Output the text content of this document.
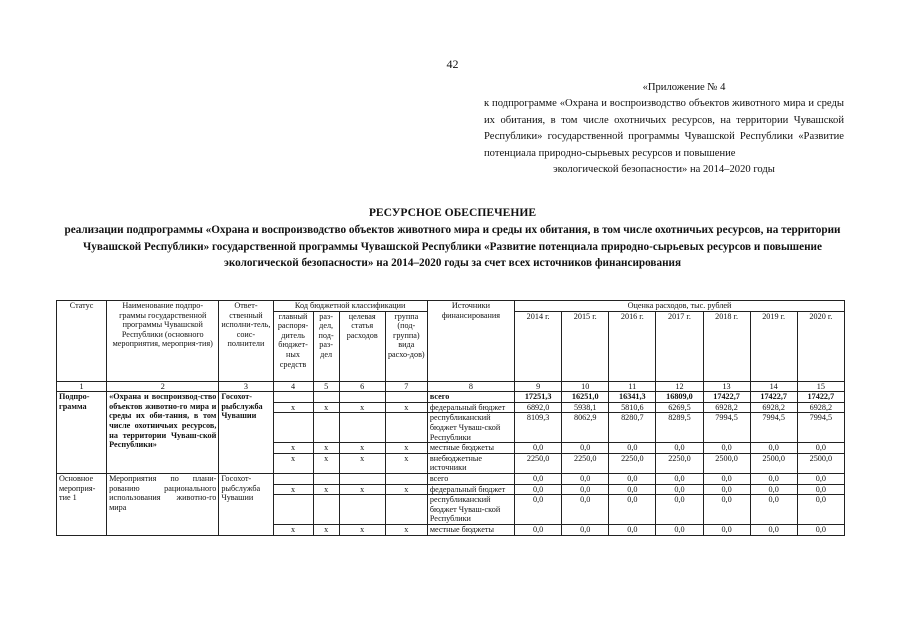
42
«Приложение № 4
к подпрограмме «Охрана и воспроизводство объектов животного мира и среды их обитания, в том числе охотничьих ресурсов, на территории Чувашской Республики» государственной программы Чувашской Республики «Развитие потенциала природно-сырьевых ресурсов и повышение
экологической безопасности» на 2014–2020 годы
РЕСУРСНОЕ ОБЕСПЕЧЕНИЕ
реализации подпрограммы «Охрана и воспроизводство объектов животного мира и среды их обитания, в том числе охотничьих ресурсов, на территории Чувашской Республики» государственной программы Чувашской Республики «Развитие потенциала природно-сырьевых ресурсов и повышение экологической безопасности» на 2014–2020 годы за счет всех источников финансирования
Статус	Наименование подпро-граммы государственной программы Чувашской Республики (основного мероприятия, мероприя-тия)	Ответ-ственный исполни-тель, соис-полнители	Код бюджетной классификации				Источники финансирования	Оценка расходов, тыс. рублей						
			главный распоря-дитель бюджет-ных средств	раз-дел, под-раз-дел	целевая статья расходов	группа (под-группа) вида расхо-дов)		2014 г.	2015 г.	2016 г.	2017 г.	2018 г.	2019 г.	2020 г.
1	2	3	4	5	6	7	8	9	10	11	12	13	14	15
Подпро-грамма	«Охрана и воспроизвод-ство объектов животно-го мира и среды их оби-тания, в том числе охотничьих ресурсов, на территории Чуваш-ской Республики»	Госохот-рыбслужба Чувашии					всего	17251,3	16251,0	16341,3	16809,0	17422,7	17422,7	17422,7
			х	х	х	х	федеральный бюджет	6892,0	5938,1	5810,6	6269,5	6928,2	6928,2	6928,2
							республиканский бюджет Чуваш-ской Республики	8109,3	8062,9	8280,7	8289,5	7994,5	7994,5	7994,5
			х	х	х	х	местные бюджеты	0,0	0,0	0,0	0,0	0,0	0,0	0,0
			х	х	х	х	внебюджетные источники	2250,0	2250,0	2250,0	2250,0	2500,0	2500,0	2500,0
Основное мероприя-тие 1	Мероприятия по плани-рованию рационального использования животно-го мира	Госохот-рыбслужба Чувашии					всего	0,0	0,0	0,0	0,0	0,0	0,0	0,0
			х	х	х	х	федеральный бюджет	0,0	0,0	0,0	0,0	0,0	0,0	0,0
							республиканский бюджет Чуваш-ской Республики	0,0	0,0	0,0	0,0	0,0	0,0	0,0
			х	х	х	х	местные бюджеты	0,0	0,0	0,0	0,0	0,0	0,0	0,0
